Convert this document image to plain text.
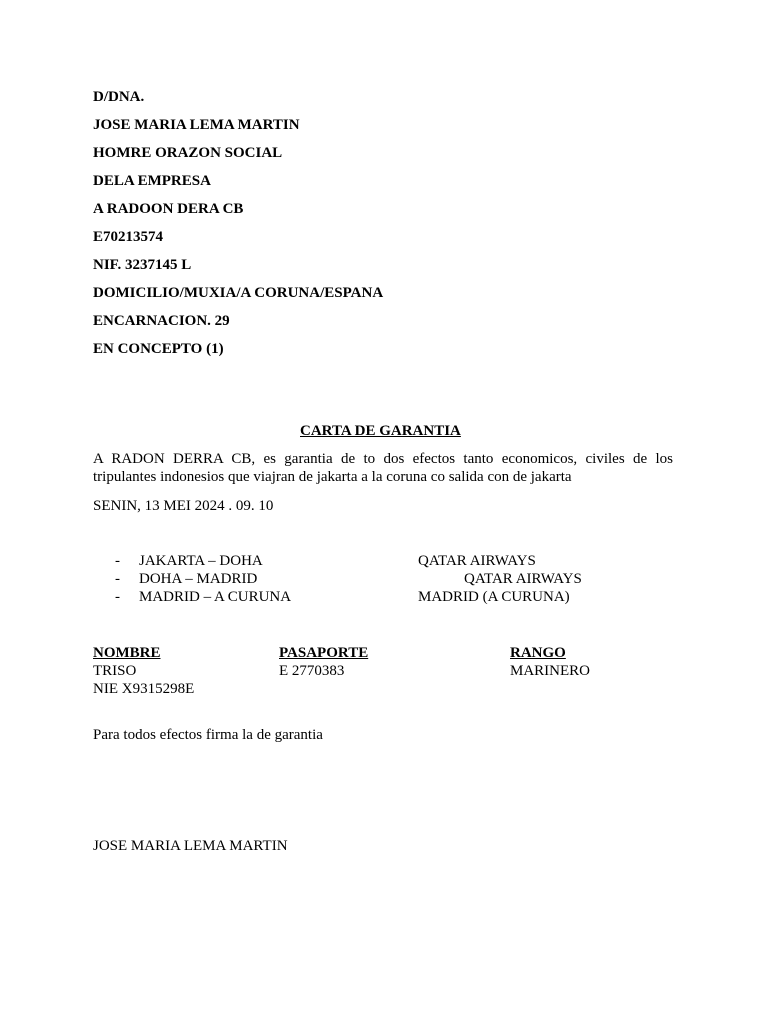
D/DNA.
JOSE MARIA LEMA MARTIN
HOMRE ORAZON SOCIAL
DELA EMPRESA
A RADOON DERA CB
E70213574
NIF. 3237145 L
DOMICILIO/MUXIA/A CORUNA/ESPANA
ENCARNACION. 29
EN CONCEPTO (1)
CARTA DE GARANTIA
A RADON DERRA CB, es garantia de to dos efectos tanto economicos, civiles de los tripulantes indonesios que viajran de jakarta a la coruna co salida con de jakarta
SENIN, 13 MEI 2024 . 09. 10
- JAKARTA – DOHA	QATAR AIRWAYS
- DOHA – MADRID	QATAR AIRWAYS
- MADRID – A CURUNA	MADRID (A CURUNA)
NOMBRE	PASAPORTE	RANGO
TRISO	E 2770383	MARINERO
NIE X9315298E
Para todos efectos firma la de garantia
JOSE MARIA LEMA MARTIN
